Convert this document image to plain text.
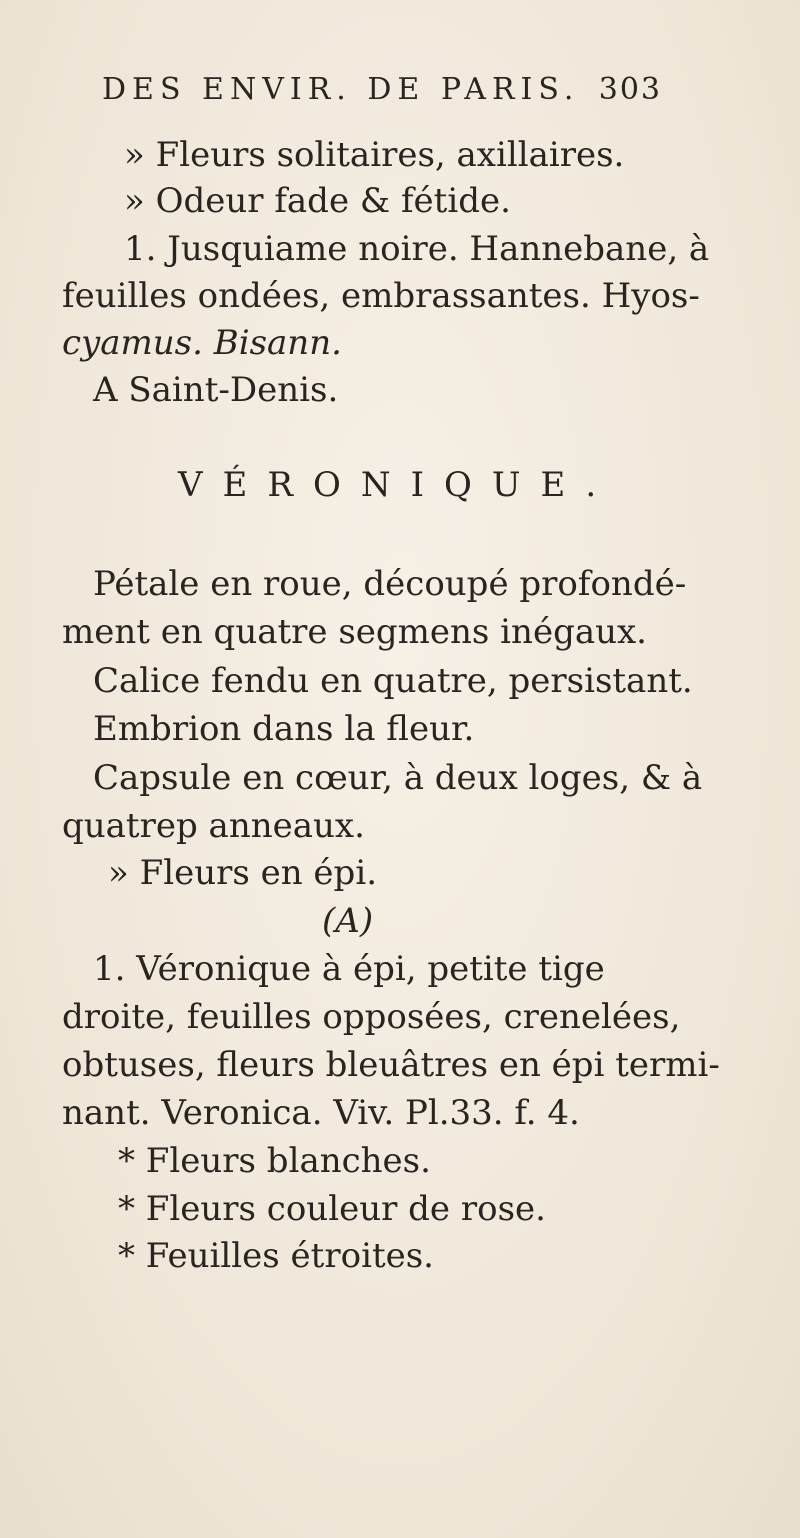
DES ENVIR. DE PARIS. 303
» Fleurs solitaires, axillaires.
» Odeur fade & fétide.
1. Jusquiame noire. Hannebane, à
feuilles ondées, embrassantes. Hyos-
cyamus. Bisann.
A Saint-Denis.
VÉRONIQUE.
Pétale en roue, découpé profondé-
ment en quatre segmens inégaux.
Calice fendu en quatre, persistant.
Embrion dans la fleur.
Capsule en cœur, à deux loges, & à
quatrep anneaux.
» Fleurs en épi.
(A)
1. Véronique à épi, petite tige
droite, feuilles opposées, crenelées,
obtuses, fleurs bleuâtres en épi termi-
nant. Veronica. Viv. Pl.33. f. 4.
* Fleurs blanches.
* Fleurs couleur de rose.
* Feuilles étroites.
